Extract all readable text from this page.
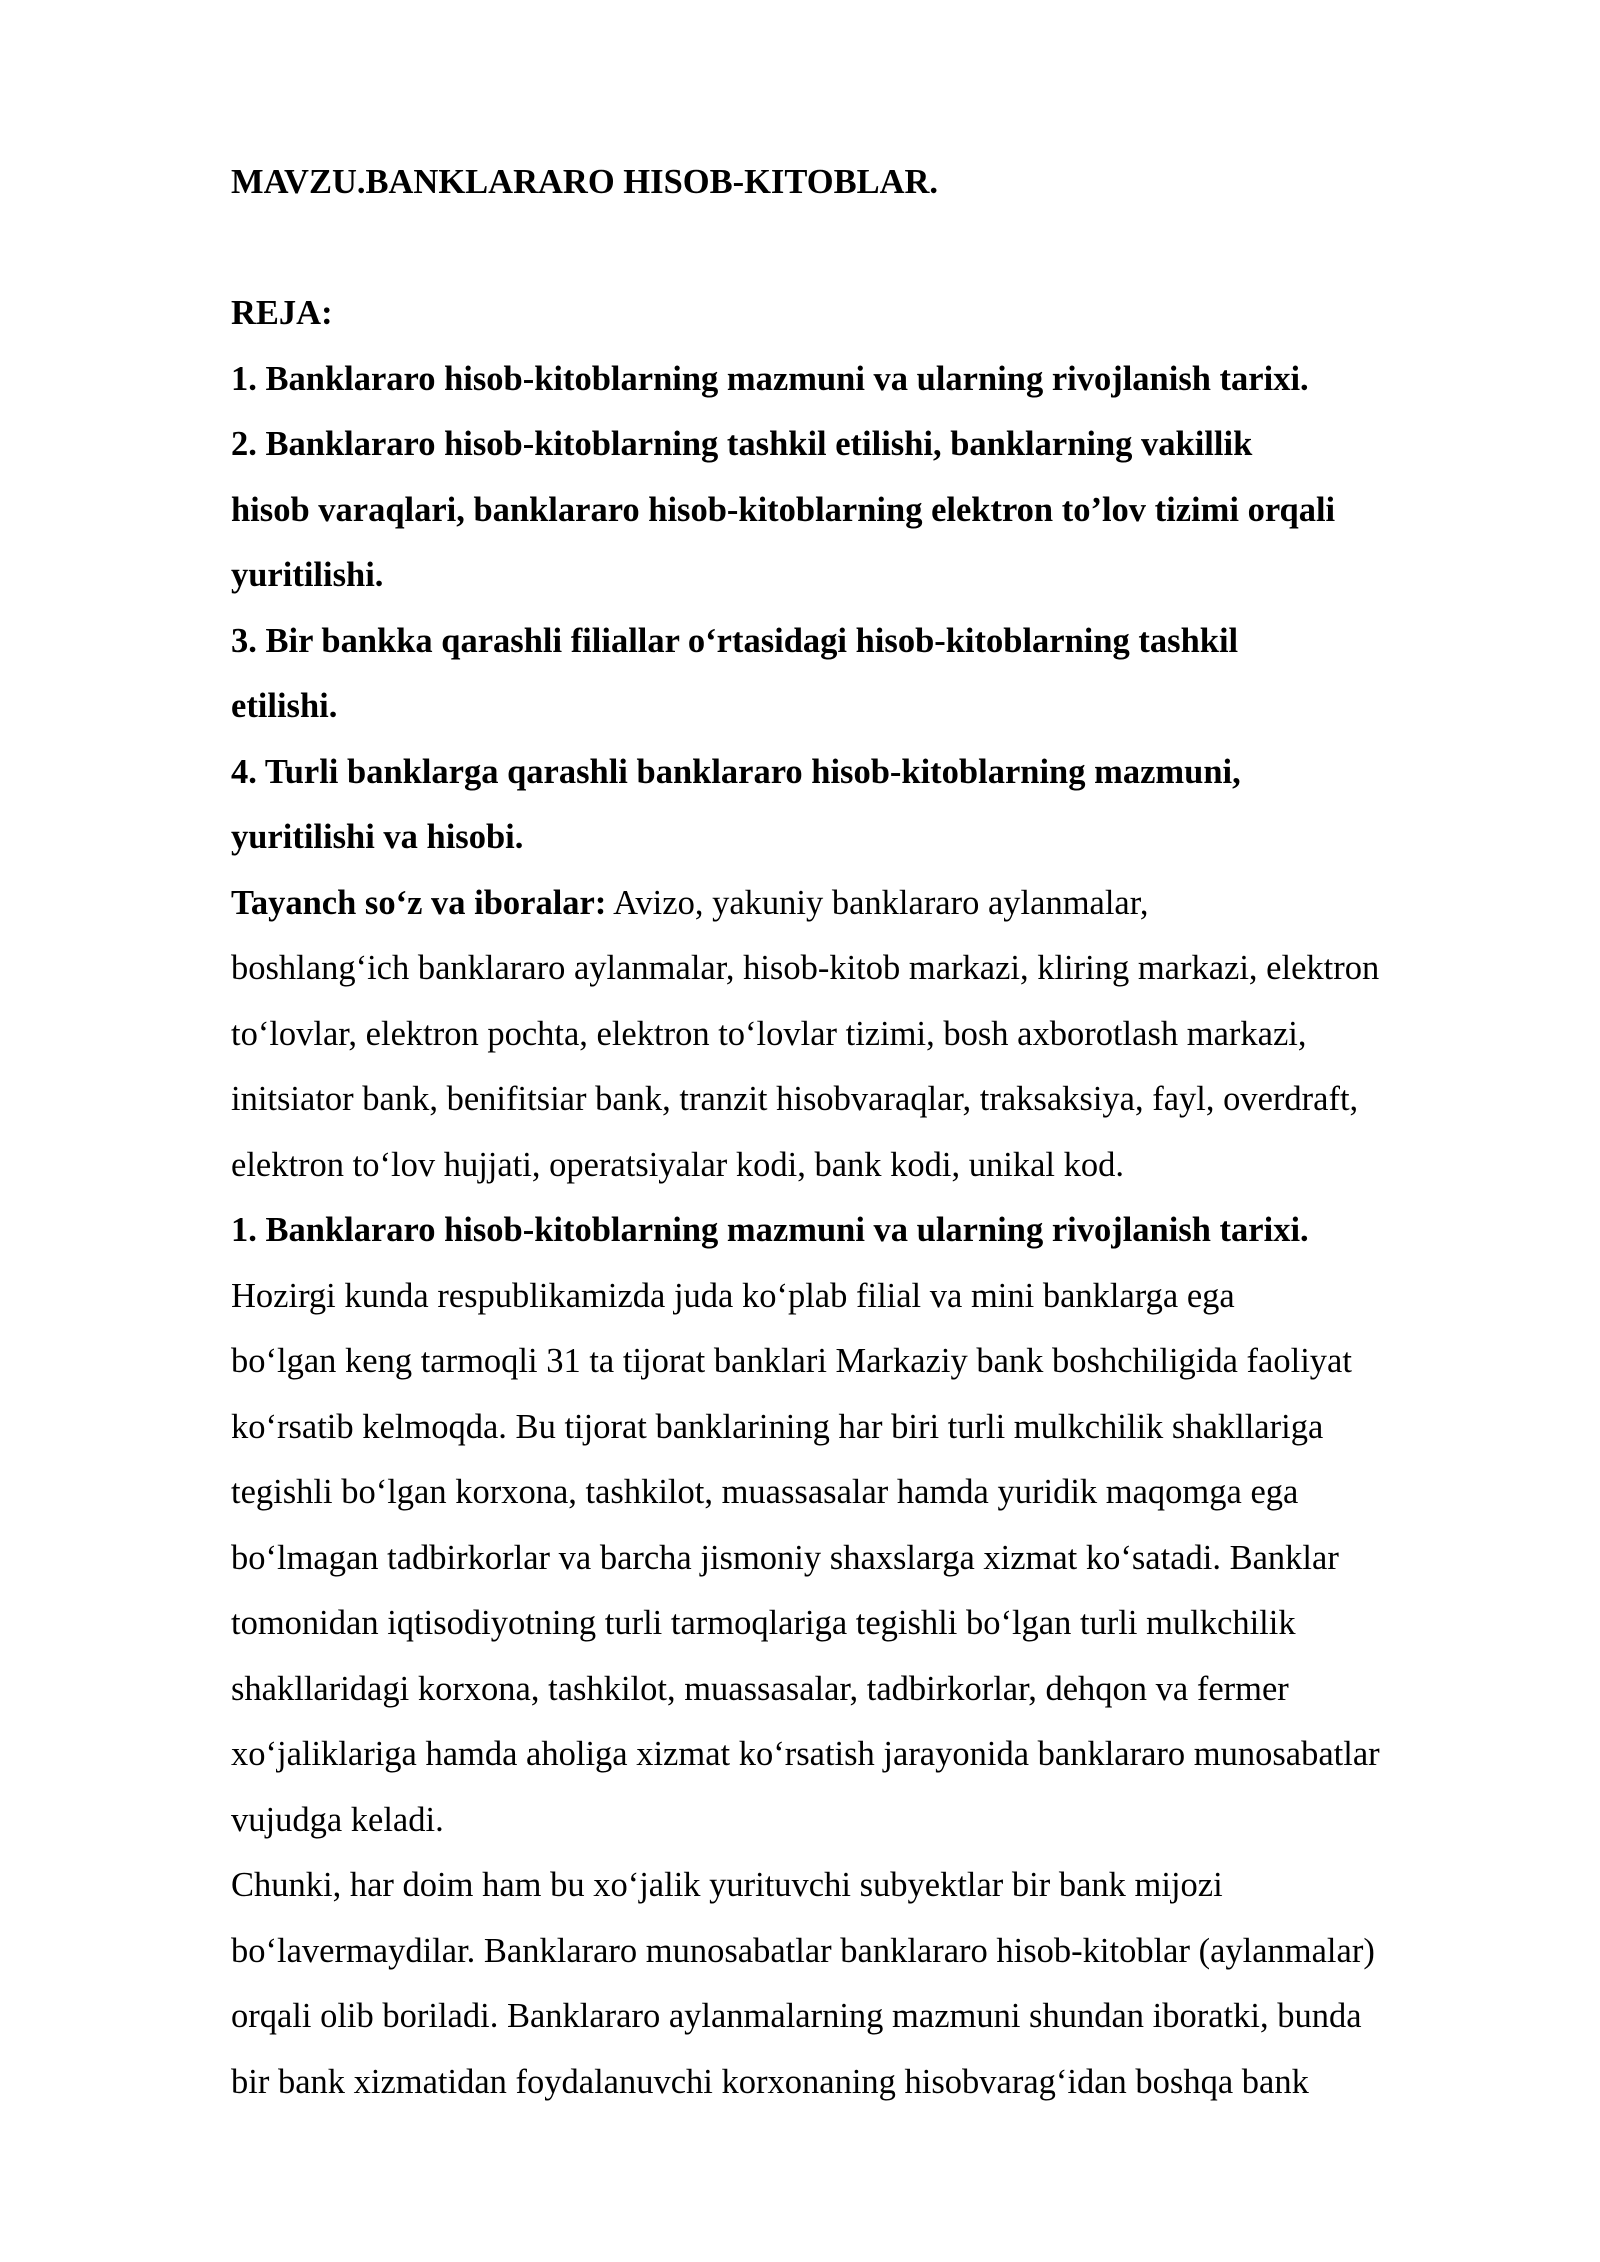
MAVZU.BANKLARARO HISOB-KITOBLAR.
REJA:
1. Banklararo hisob-kitoblarning mazmuni va ularning rivojlanish tarixi.
2. Banklararo hisob-kitoblarning tashkil etilishi, banklarning vakillik
hisob varaqlari, banklararo hisob-kitoblarning elektron to’lov tizimi orqali
yuritilishi.
3. Bir bankka qarashli filiallar o‘rtasidagi hisob-kitoblarning tashkil
etilishi.
4. Turli banklarga qarashli banklararo hisob-kitoblarning mazmuni,
yuritilishi va hisobi.
Tayanch so‘z va iboralar: Avizo, yakuniy banklararo aylanmalar,
boshlang‘ich banklararo aylanmalar, hisob-kitob markazi, kliring markazi, elektron
to‘lovlar, elektron pochta, elektron to‘lovlar tizimi, bosh axborotlash markazi,
initsiator bank, benifitsiar bank, tranzit hisobvaraqlar, traksaksiya, fayl, overdraft,
elektron to‘lov hujjati, operatsiyalar kodi, bank kodi, unikal kod.
1. Banklararo hisob-kitoblarning mazmuni va ularning rivojlanish tarixi.
Hozirgi kunda respublikamizda juda ko‘plab filial va mini banklarga ega
bo‘lgan keng tarmoqli 31 ta tijorat banklari Markaziy bank boshchiligida faoliyat
ko‘rsatib kelmoqda. Bu tijorat banklarining har biri turli mulkchilik shakllariga
tegishli bo‘lgan korxona, tashkilot, muassasalar hamda yuridik maqomga ega
bo‘lmagan tadbirkorlar va barcha jismoniy shaxslarga xizmat ko‘satadi. Banklar
tomonidan iqtisodiyotning turli tarmoqlariga tegishli bo‘lgan turli mulkchilik
shakllaridagi korxona, tashkilot, muassasalar, tadbirkorlar, dehqon va fermer
xo‘jaliklariga hamda aholiga xizmat ko‘rsatish jarayonida banklararo munosabatlar
vujudga keladi.
Chunki, har doim ham bu xo‘jalik yurituvchi subyektlar bir bank mijozi
bo‘lavermaydilar. Banklararo munosabatlar banklararo hisob-kitoblar (aylanmalar)
orqali olib boriladi. Banklararo aylanmalarning mazmuni shundan iboratki, bunda
bir bank xizmatidan foydalanuvchi korxonaning hisobvarag‘idan boshqa bank
